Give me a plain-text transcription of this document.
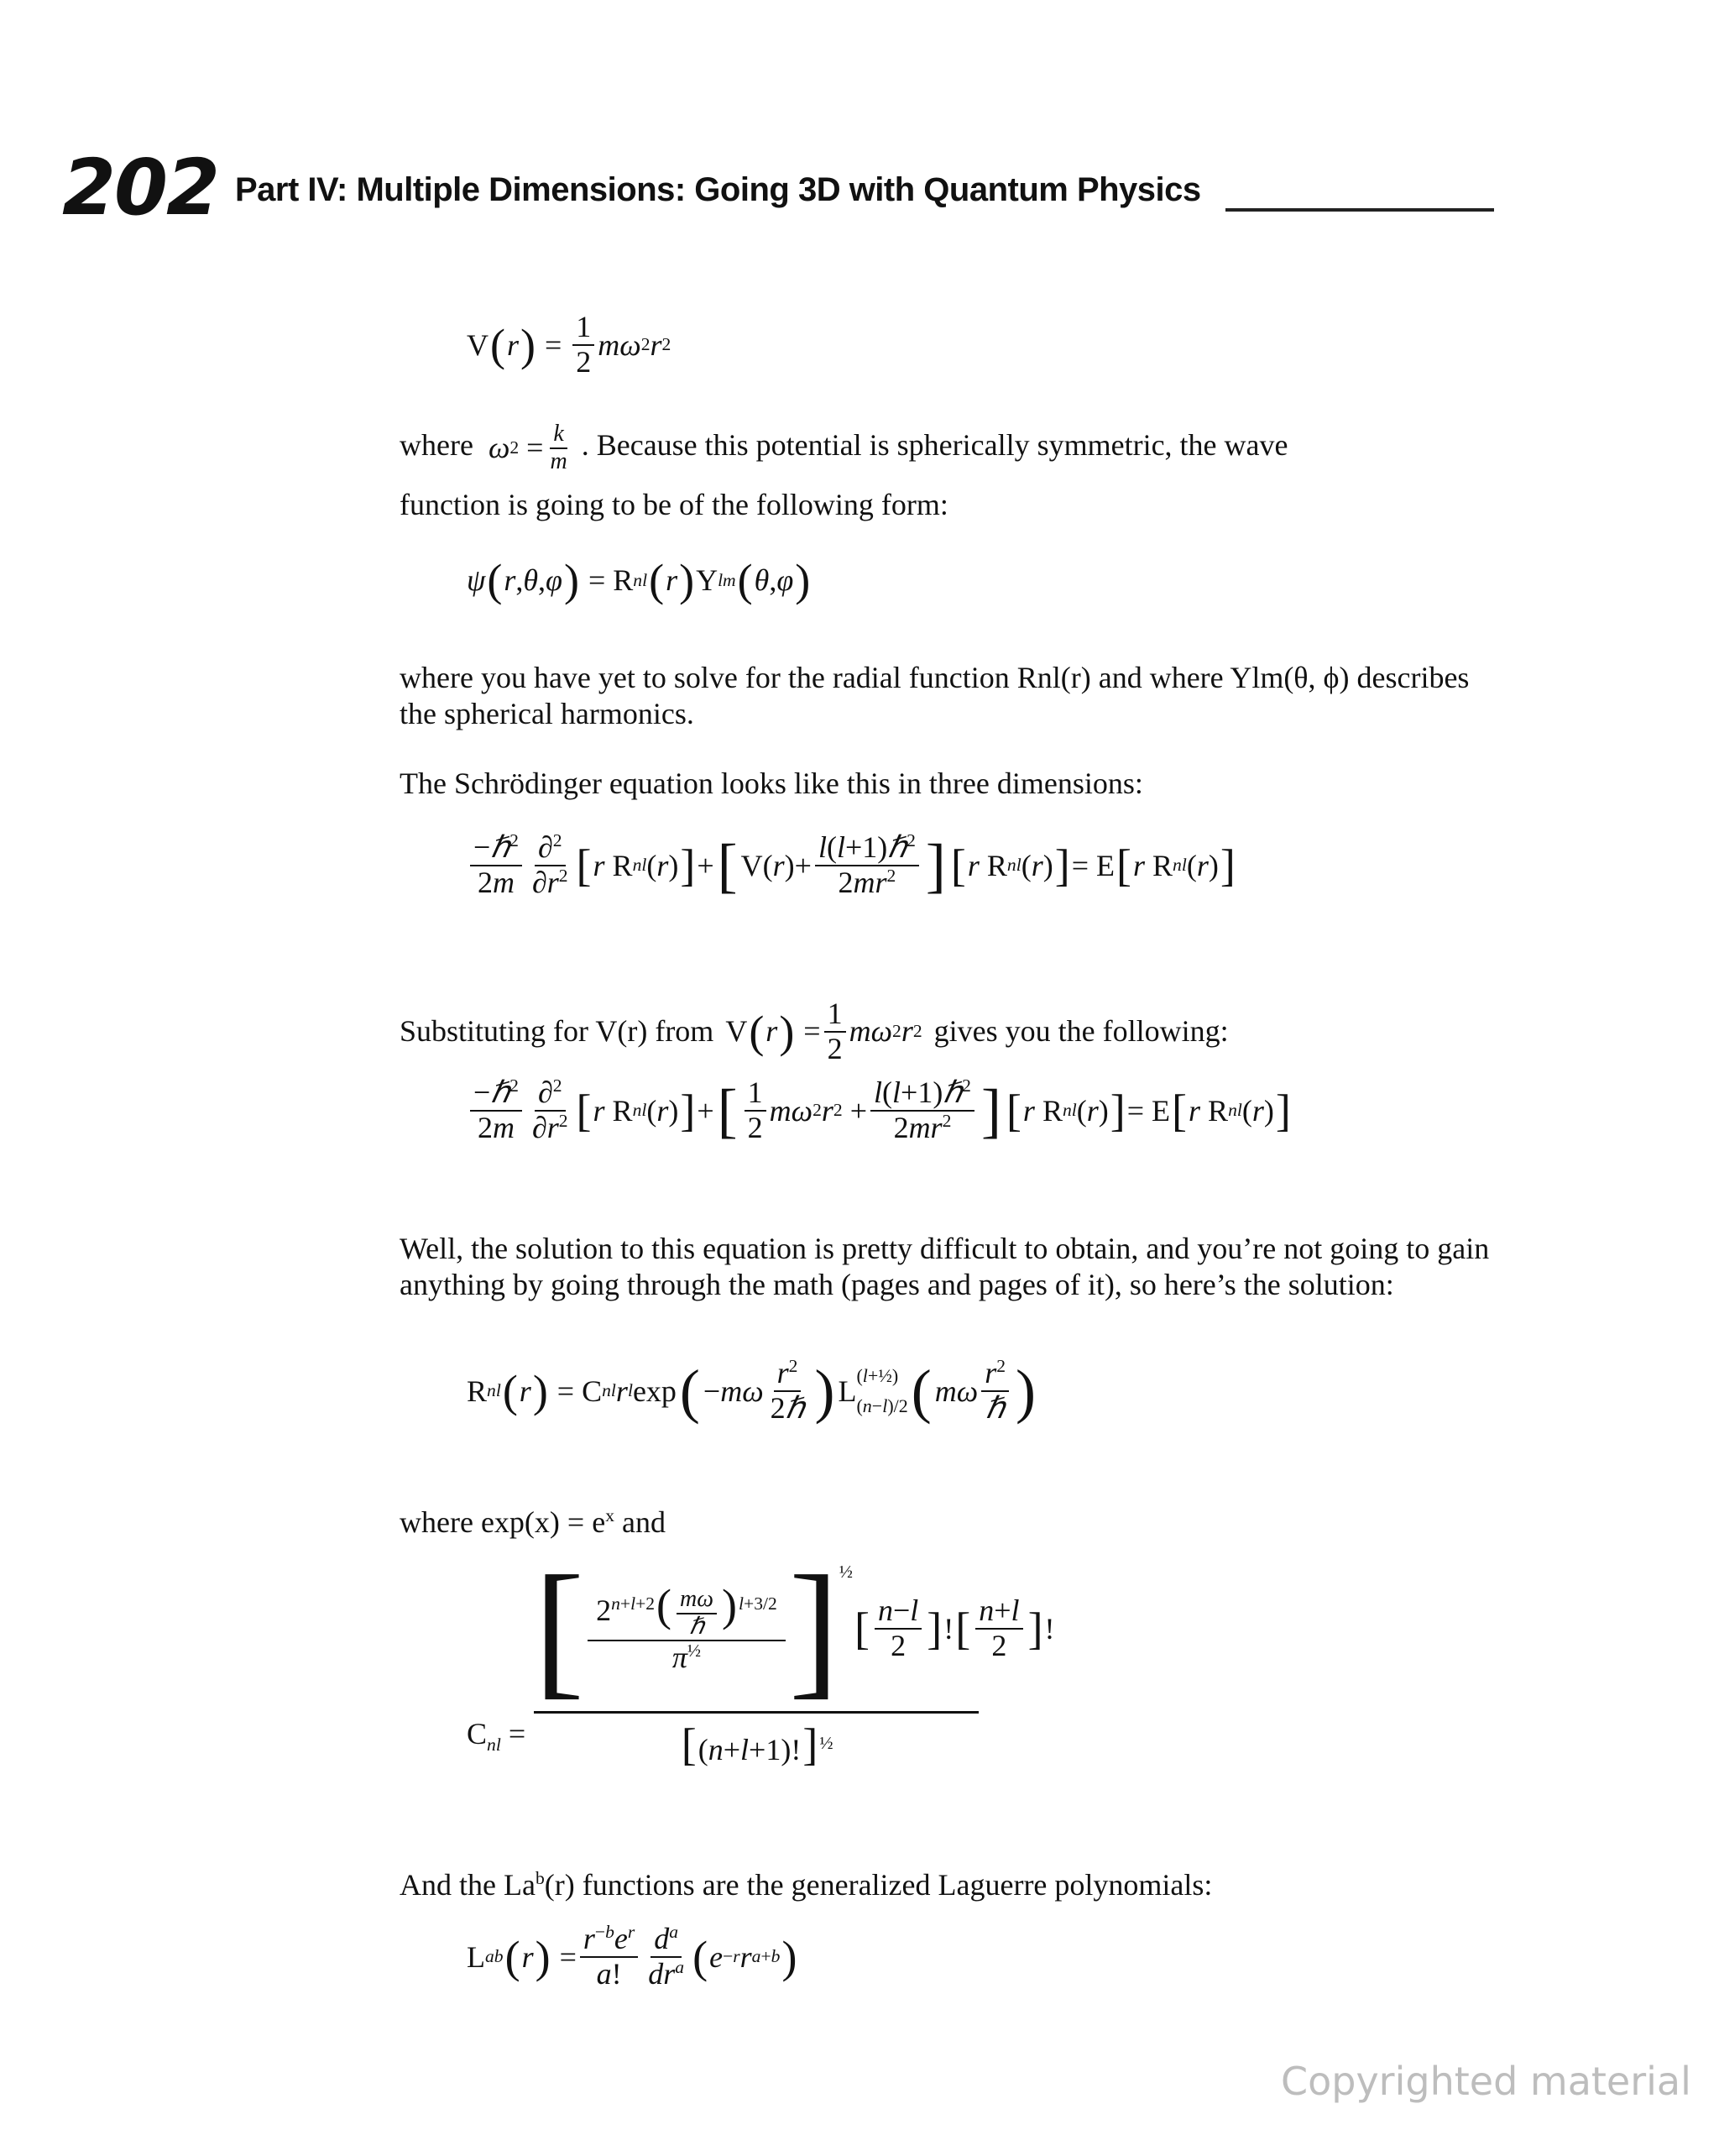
202 Part IV: Multiple Dimensions: Going 3D with Quantum Physics
V ( r ) = $\frac{1}{2}$ mω 2 r 2
where ω $2 = \frac{k}{m}$ . Because this potential is spherically symmetric, the wave
function is going to be of the following form:
ψ ( r , θ , φ ) = R nl ( r ) Y lm ( θ , φ )
where you have yet to solve for the radial function Rnl(r) and where Ylm(θ, ϕ) describes the spherical harmonics.
The Schrödinger equation looks like this in three dimensions:
$\frac{-\hbar^2}{2m} \frac{\partial^2}{\partial r^2}$ [ r R nl ( r ) ] + [ V( r )+ $\frac{l(l+1)\hbar^2}{2mr^2}$ ] [ r R nl ( r ) ] = E [ r R nl ( r ) ]
Substituting for V(r) from V ( r ) = $\frac{1}{2}$ mω 2 r 2 gives you the following:
$\frac{-\hbar^2}{2m} \frac{\partial^2}{\partial r^2}$ [ r R nl ( r ) ] + [ $\frac{1}{2}$ mω 2 r $2 + \frac{l(l+1)\hbar^2}{2mr^2}$ ] [ r R nl ( r ) ] = E [ r R nl ( r ) ]
Well, the solution to this equation is pretty difficult to obtain, and you’re not going to gain anything by going through the math (pages and pages of it), so here’s the solution:
R nl ( r ) = C nl r l exp ( − mω $\frac{r^2}{\text{2ℏ}}$ ) L (l+½)
(n−l)/2 ( mω $\frac{r^2}{\text{ℏ}}$ )
where $\exp(x) = e^x$ and
$C_{nl}$ =
[ $\frac{2^{n+l+2}( \frac{m\omega}{\text{ℏ}} )^{l+3/2}}{\pi^{\frac{1}{2}}} ]^{\frac{1}{2}}$
[ $\frac{n-l}{2}$ ] ! [ $\frac{n+l}{2}$ ] !
$[(n+l+1)!]^{\frac{1}{2}}$
And the La$^b$(r) functions are the generalized Laguerre polynomials:
L a b ( r ) = $\frac{r^{-b}e^r}{a!} \frac{d^a}{dr^a}$ ( e −r r a+b )
Copyrighted material
